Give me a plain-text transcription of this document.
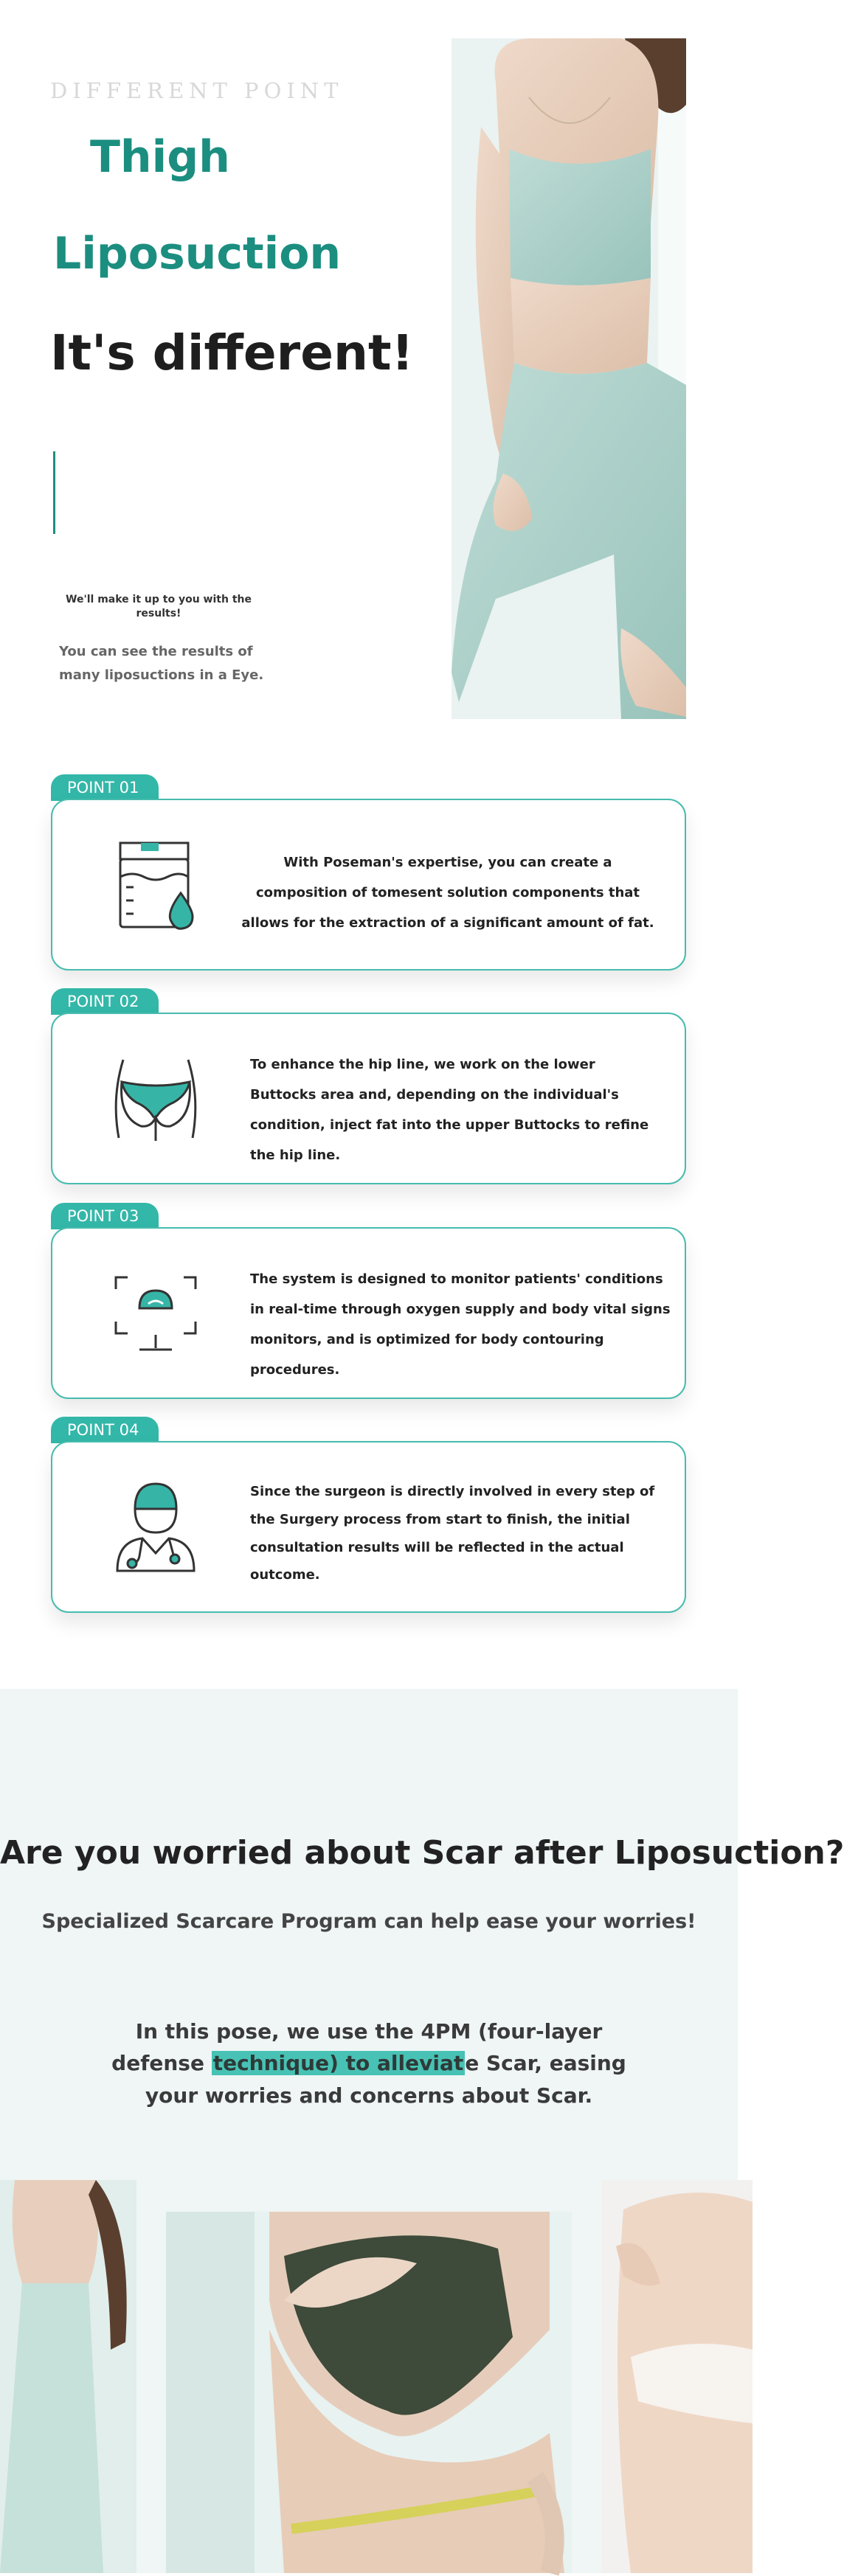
DIFFERENT POINT
Thigh
Liposuction
It's different!
We'll make it up to you with the results!
You can see the results of many liposuctions in a Eye.
POINT 01
With Poseman's expertise, you can create a composition of tomesent solution components that allows for the extraction of a significant amount of fat.
POINT 02
To enhance the hip line, we work on the lower Buttocks area and, depending on the individual's condition, inject fat into the upper Buttocks to refine the hip line.
POINT 03
The system is designed to monitor patients' conditions in real-time through oxygen supply and body vital signs monitors, and is optimized for body contouring procedures.
POINT 04
Since the surgeon is directly involved in every step of the Surgery process from start to finish, the initial consultation results will be reflected in the actual outcome.
Are you worried about Scar after Liposuction?
Specialized Scarcare Program can help ease your worries!
In this pose, we use the 4PM (four-layer defense technique) to alleviate Scar, easing your worries and concerns about Scar.
